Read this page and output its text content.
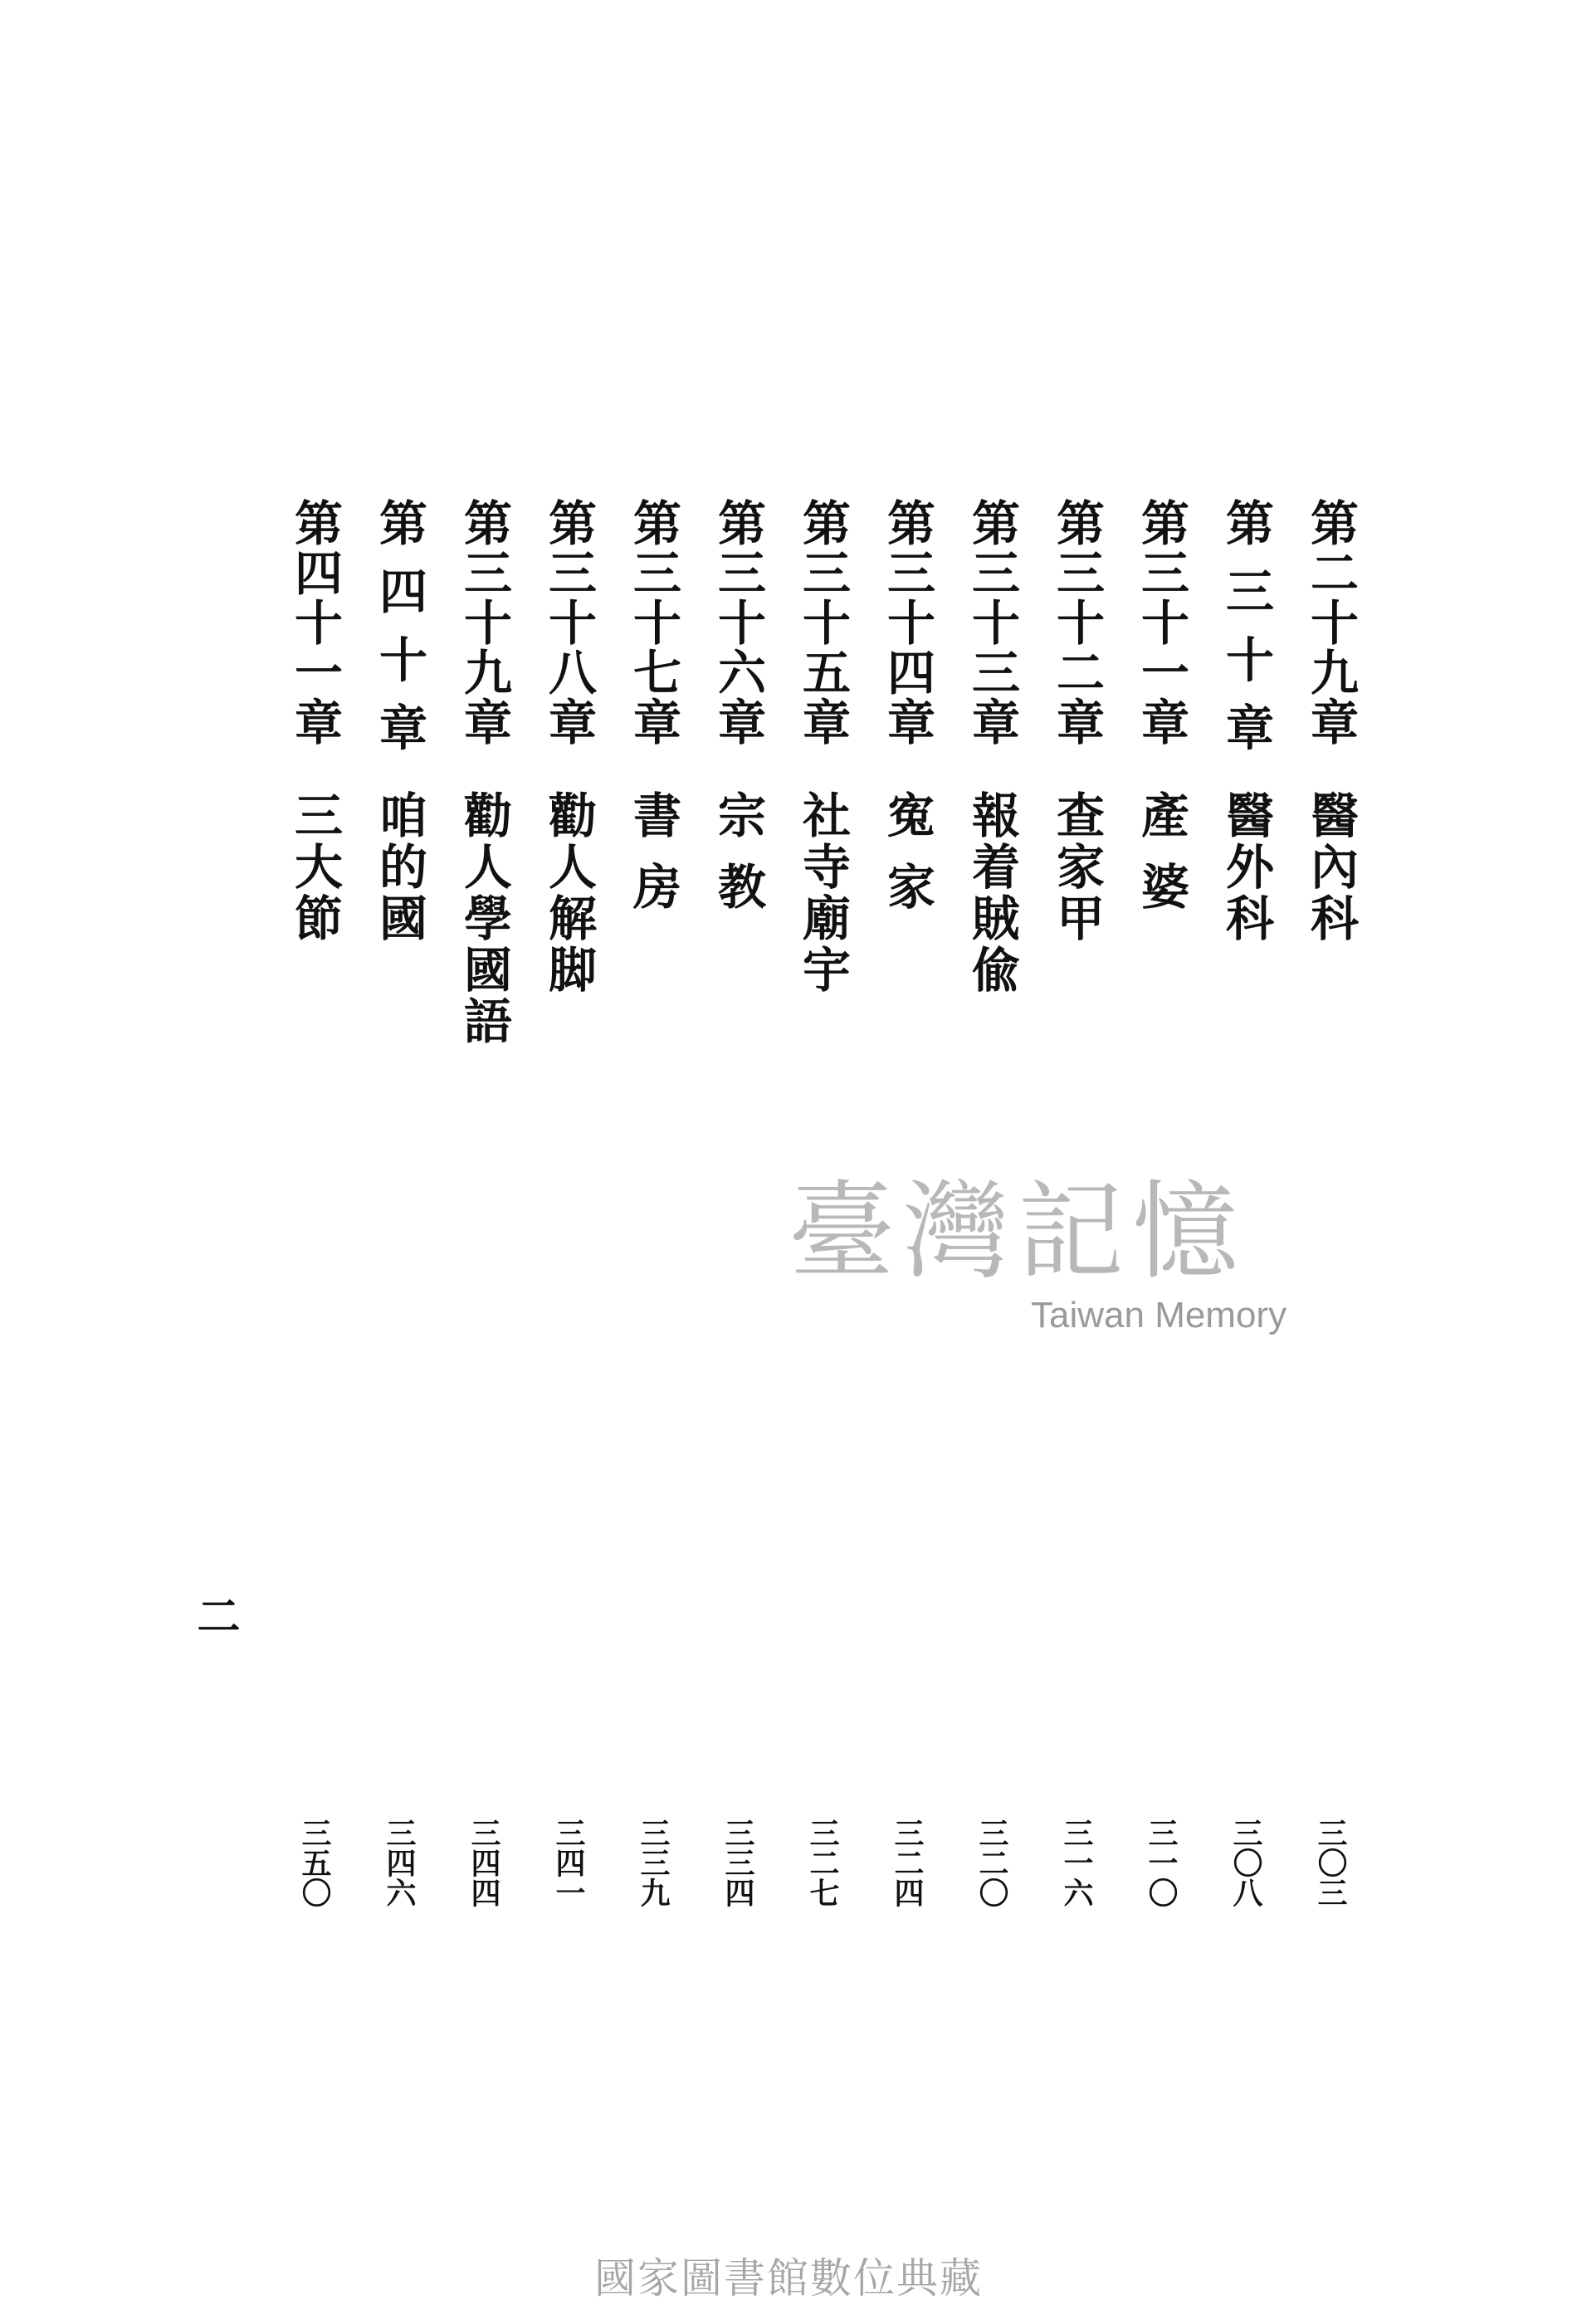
第二十九章
醫內科
三〇三
第 三 十 章
醫外科
三〇八
第三十一章
產 婆
三一〇
第三十二章
查家甲
三一六
第三十三章
報着賊偸
三二〇
第三十四章
寃 家
三二四
第三十五章
社寺廟宇
三二七
第三十六章
宗 教
三三四
第三十七章
書 房
三三九
第三十八章
勸人解脚
三四一
第三十九章
勸人學國語
三四四
第 四 十 章
咱的國
三四六
第四十一章
三大節
三五〇
二
臺灣記憶
Taiwan Memory
國家圖書館數位典藏
